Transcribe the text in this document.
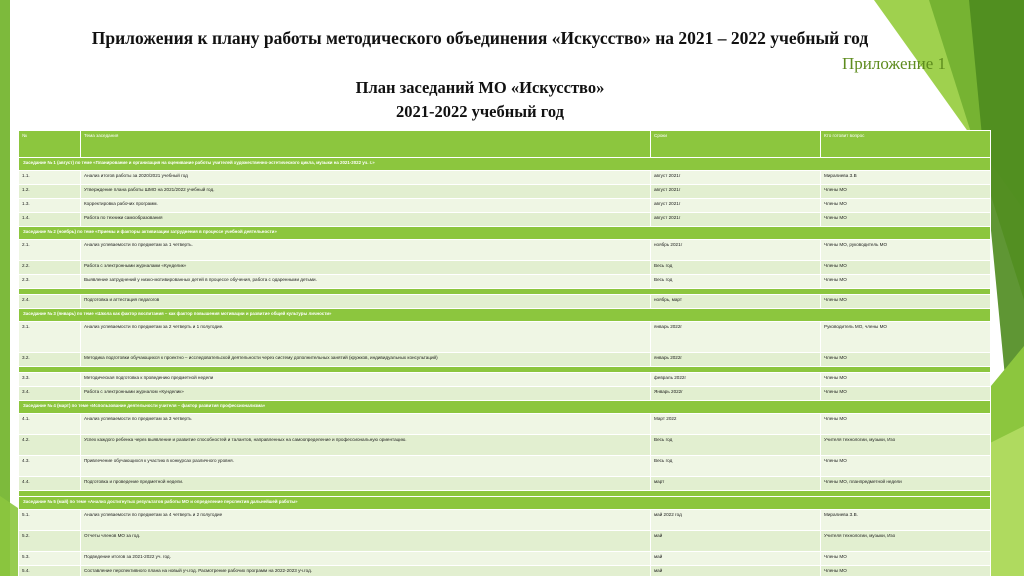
Приложения к плану работы методического объединения «Искусство» на 2021 – 2022 учебный год
Приложение 1
План заседаний МО «Искусство»
2021-2022 учебный год
№	Тема заседания	Сроки	Кто готовит вопрос
Заседание № 1 (август) по теме «Планирование и организация на оценивание работы учителей художественно-эстетического цикла, музыки на 2021-2022 уч. г.»			
1.1.	Анализ итогов работы за 2020/2021 учебный год	август 2021г	Миралиева З.В
1.2.	Утверждение плана работы ШМО на 2021/2022 учебный год.	август 2021г	Члены МО
1.3.	Корректировка рабочих программ.	август 2021г	Члены МО
1.4.	Работа по техники самообразования	август 2021г	Члены МО
Заседание № 2 (ноябрь) по теме «Приемы и факторы активизации затруднения в процессе учебной деятельности»			
2.1.	Анализ успеваемости по предметам за 1 четверть.	ноябрь 2021г	Члены МО, руководитель МО
2.2.	Работа с электронными журналами «Кунделик»	Весь год	Члены МО
2.3.	Выявление затруднений у низко-мотивированных детей в процессе обучения, работа с одаренными детьми.	Весь год	Члены МО

2.4.	Подготовка и аттестация педагогов	ноябрь, март	Члены МО
Заседание № 3 (январь) по теме «Школа как фактор воспитания – как фактор повышения мотивации и развитие общей культуры личности»			
3.1.	Анализ успеваемости по предметам за 2 четверть и 1 полугодие.	январь 2022г	Руководитель МО, члены МО
3.2.	Методика подготовки обучающихся к проектно – исследовательской деятельности через систему дополнительных занятий (кружков, индивидуальных консультаций)	январь 2022г	Члены МО

3.3.	Методическая подготовка к проведению предметной недели	февраль 2022г	Члены МО
3.4.	Работа с электронными журналом «Кунделик»	Январь 2022г	Члены МО
Заседание № 4 (март) по теме «Использование деятельности учителя – фактор развития профессионализма»			
4.1.	Анализ успеваемости по предметам за 3 четверть	Март 2022	Члены МО
4.2.	Успех каждого ребенка через выявление и развитие способностей и талантов, направленных на самоопределение и профессиональную ориентацию.	Весь год	Учителя технологии, музыки, Изо
4.3.	Привлечение обучающихся к участию в конкурсах различного уровня.	Весь год	Члены МО
4.4.	Подготовка и проведение предметной недели.	март	Члены МО, планпредметной недели

Заседание № 5 (май) по теме «Анализ достигнутых результатов работы МО и определение перспектив дальнейшей работы»			
5.1.	Анализ успеваемости по предметам за 4 четверть и 2 полугодие	май 2022 год	Миралиева З.В.
5.2.	Отчеты членов МО за год.	май	Учителя технологии, музыки, Изо
5.3.	Подведение итогов за 2021-2022 уч. год.	май	Члены МО
5.4.	Составление перспективного плана на новый уч.год. Расмотрение рабочих программ на 2022-2023 уч.год.	май	Члены МО
